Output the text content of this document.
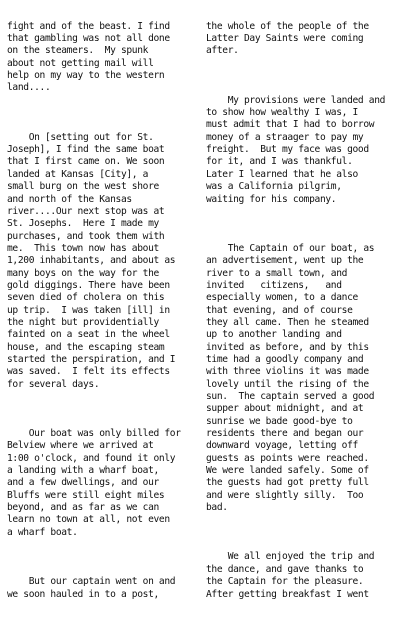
fight and of the beast. I find
that gambling was not all done
on the steamers.  My spunk
about not getting mail will
help on my way to the western
land....

On [setting out for St.
Joseph], I find the same boat
that I first came on. We soon
landed at Kansas [City], a
small burg on the west shore
and north of the Kansas
river....Our next stop was at
St. Josephs.  Here I made my
purchases, and took them with
me.  This town now has about
1,200 inhabitants, and about as
many boys on the way for the
gold diggings. There have been
seven died of cholera on this
up trip.  I was taken [ill] in
the night but providentially
fainted on a seat in the wheel
house, and the escaping steam
started the perspiration, and I
was saved.  I felt its effects
for several days.

Our boat was only billed for
Belview where we arrived at
1:00 o'clock, and found it only
a landing with a wharf boat,
and a few dwellings, and our
Bluffs were still eight miles
beyond, and as far as we can
learn no town at all, not even
a wharf boat.

But our captain went on and
we soon hauled in to a post,

the whole of the people of the
Latter Day Saints were coming
after.

My provisions were landed and
to show how wealthy I was, I
must admit that I had to borrow
money of a straager to pay my
freight.  But my face was good
for it, and I was thankful.
Later I learned that he also
was a California pilgrim,
waiting for his company.

The Captain of our boat, as
an advertisement, went up the
river to a small town, and
invited   citizens,   and
especially women, to a dance
that evening, and of course
they all came. Then he steamed
up to another landing and
invited as before, and by this
time had a goodly company and
with three violins it was made
lovely until the rising of the
sun.  The captain served a good
supper about midnight, and at
sunrise we bade good-bye to
residents there and began our
downward voyage, letting off
guests as points were reached.
We were landed safely. Some of
the guests had got pretty full
and were slightly silly.  Too
bad.

We all enjoyed the trip and
the dance, and gave thanks to
the Captain for the pleasure.
After getting breakfast I went
